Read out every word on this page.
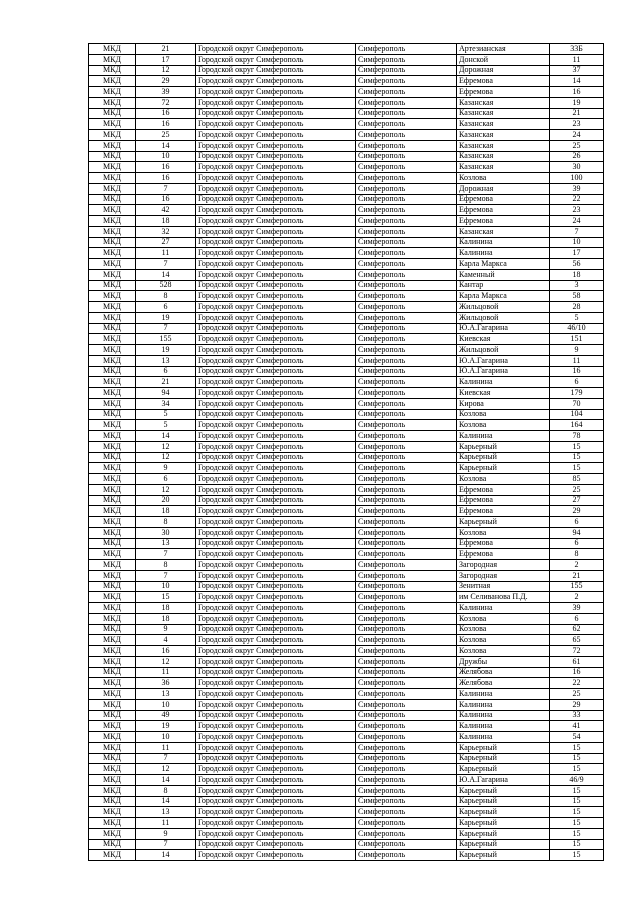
МКД	21	Городской округ Симферополь	Симферополь	Артезианская	33Б
МКД	17	Городской округ Симферополь	Симферополь	Донской	11
МКД	12	Городской округ Симферополь	Симферополь	Дорожная	37
МКД	29	Городской округ Симферополь	Симферополь	Ефремова	14
МКД	39	Городской округ Симферополь	Симферополь	Ефремова	16
МКД	72	Городской округ Симферополь	Симферополь	Казанская	19
МКД	16	Городской округ Симферополь	Симферополь	Казанская	21
МКД	16	Городской округ Симферополь	Симферополь	Казанская	23
МКД	25	Городской округ Симферополь	Симферополь	Казанская	24
МКД	14	Городской округ Симферополь	Симферополь	Казанская	25
МКД	10	Городской округ Симферополь	Симферополь	Казанская	26
МКД	16	Городской округ Симферополь	Симферополь	Казанская	30
МКД	16	Городской округ Симферополь	Симферополь	Козлова	100
МКД	7	Городской округ Симферополь	Симферополь	Дорожная	39
МКД	16	Городской округ Симферополь	Симферополь	Ефремова	22
МКД	42	Городской округ Симферополь	Симферополь	Ефремова	23
МКД	18	Городской округ Симферополь	Симферополь	Ефремова	24
МКД	32	Городской округ Симферополь	Симферополь	Казанская	7
МКД	27	Городской округ Симферополь	Симферополь	Калинина	10
МКД	11	Городской округ Симферополь	Симферополь	Калинина	17
МКД	7	Городской округ Симферополь	Симферополь	Карла Маркса	56
МКД	14	Городской округ Симферополь	Симферополь	Каменный	18
МКД	528	Городской округ Симферополь	Симферополь	Кантар	3
МКД	8	Городской округ Симферополь	Симферополь	Карла Маркса	58
МКД	6	Городской округ Симферополь	Симферополь	Жильцовой	28
МКД	19	Городской округ Симферополь	Симферополь	Жильцовой	5
МКД	7	Городской округ Симферополь	Симферополь	Ю.А.Гагарина	46/10
МКД	155	Городской округ Симферополь	Симферополь	Киевская	151
МКД	19	Городской округ Симферополь	Симферополь	Жильцовой	9
МКД	13	Городской округ Симферополь	Симферополь	Ю.А.Гагарина	11
МКД	6	Городской округ Симферополь	Симферополь	Ю.А.Гагарина	16
МКД	21	Городской округ Симферополь	Симферополь	Калинина	6
МКД	94	Городской округ Симферополь	Симферополь	Киевская	179
МКД	34	Городской округ Симферополь	Симферополь	Кирова	70
МКД	5	Городской округ Симферополь	Симферополь	Козлова	104
МКД	5	Городской округ Симферополь	Симферополь	Козлова	164
МКД	14	Городской округ Симферополь	Симферополь	Калинина	78
МКД	12	Городской округ Симферополь	Симферополь	Карьерный	15
МКД	12	Городской округ Симферополь	Симферополь	Карьерный	15
МКД	9	Городской округ Симферополь	Симферополь	Карьерный	15
МКД	6	Городской округ Симферополь	Симферополь	Козлова	85
МКД	12	Городской округ Симферополь	Симферополь	Ефремова	25
МКД	20	Городской округ Симферополь	Симферополь	Ефремова	27
МКД	18	Городской округ Симферополь	Симферополь	Ефремова	29
МКД	8	Городской округ Симферополь	Симферополь	Карьерный	6
МКД	30	Городской округ Симферополь	Симферополь	Козлова	94
МКД	13	Городской округ Симферополь	Симферополь	Ефремова	6
МКД	7	Городской округ Симферополь	Симферополь	Ефремова	8
МКД	8	Городской округ Симферополь	Симферополь	Загородная	2
МКД	7	Городской округ Симферополь	Симферополь	Загородная	21
МКД	10	Городской округ Симферополь	Симферополь	Зенитная	155
МКД	15	Городской округ Симферополь	Симферополь	им Селиванова П.Д.	2
МКД	18	Городской округ Симферополь	Симферополь	Калинина	39
МКД	18	Городской округ Симферополь	Симферополь	Козлова	6
МКД	9	Городской округ Симферополь	Симферополь	Козлова	62
МКД	4	Городской округ Симферополь	Симферополь	Козлова	65
МКД	16	Городской округ Симферополь	Симферополь	Козлова	72
МКД	12	Городской округ Симферополь	Симферополь	Дружбы	61
МКД	11	Городской округ Симферополь	Симферополь	Желябова	16
МКД	36	Городской округ Симферополь	Симферополь	Желябова	22
МКД	13	Городской округ Симферополь	Симферополь	Калинина	25
МКД	10	Городской округ Симферополь	Симферополь	Калинина	29
МКД	49	Городской округ Симферополь	Симферополь	Калинина	33
МКД	19	Городской округ Симферополь	Симферополь	Калинина	41
МКД	10	Городской округ Симферополь	Симферополь	Калинина	54
МКД	11	Городской округ Симферополь	Симферополь	Карьерный	15
МКД	7	Городской округ Симферополь	Симферополь	Карьерный	15
МКД	12	Городской округ Симферополь	Симферополь	Карьерный	15
МКД	14	Городской округ Симферополь	Симферополь	Ю.А.Гагарина	46/9
МКД	8	Городской округ Симферополь	Симферополь	Карьерный	15
МКД	14	Городской округ Симферополь	Симферополь	Карьерный	15
МКД	13	Городской округ Симферополь	Симферополь	Карьерный	15
МКД	11	Городской округ Симферополь	Симферополь	Карьерный	15
МКД	9	Городской округ Симферополь	Симферополь	Карьерный	15
МКД	7	Городской округ Симферополь	Симферополь	Карьерный	15
МКД	14	Городской округ Симферополь	Симферополь	Карьерный	15
